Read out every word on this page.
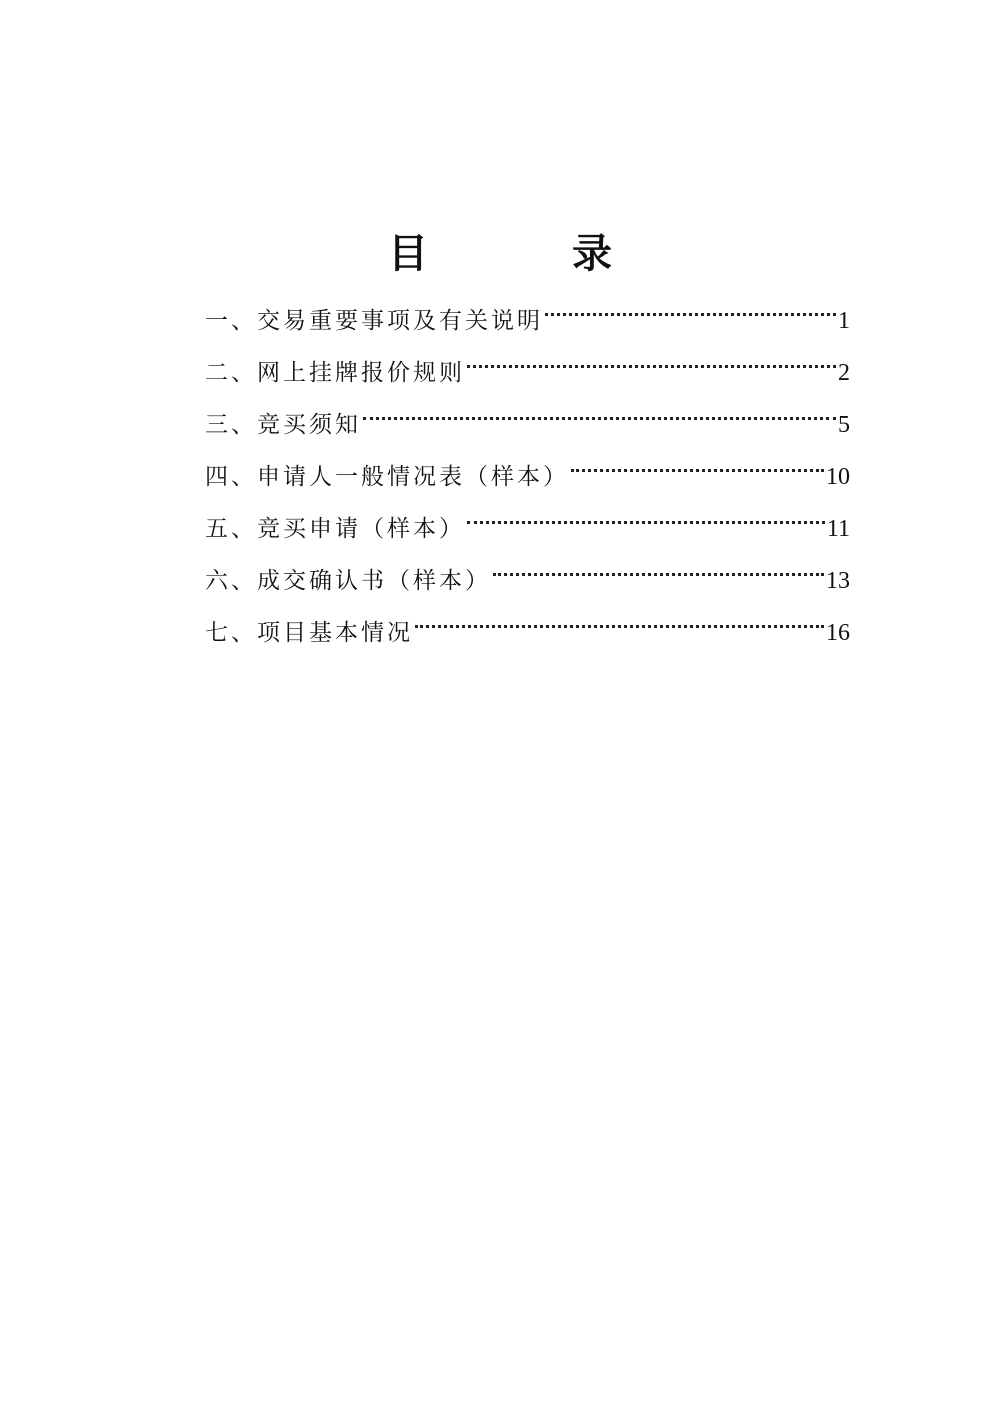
目　录
一、交易重要事项及有关说明	1
二、网上挂牌报价规则	2
三、竞买须知	5
四、申请人一般情况表（样本）	10
五、竞买申请（样本）	11
六、成交确认书（样本）	13
七、项目基本情况	16
